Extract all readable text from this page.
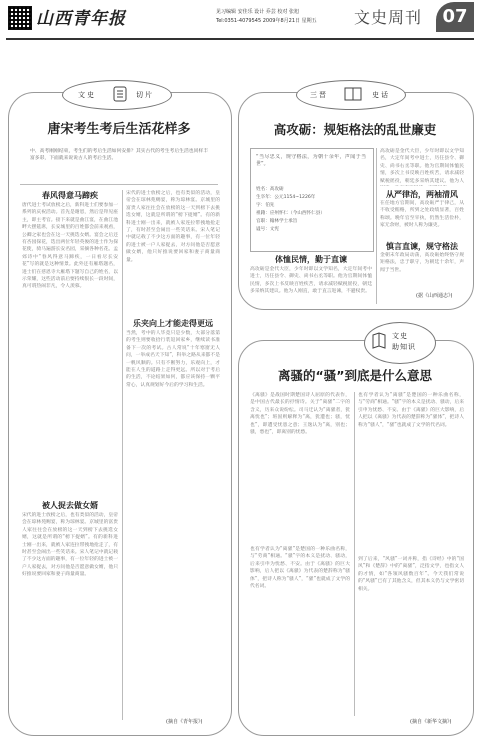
山西青年报	见习编辑 安佳乐 设计 乔芸 校对 张旭
Tel:0351-4079545 2009年8月21日 星期五 文史周刊	07
文史	切片
唐宋考生考后生活花样多
中、高考刚刚结束，考生们的考后生活如何安排？其实古代的考生考后生活也同样丰富多彩，下面就来说说古人的考后生活。
春风得意马蹄疾
唐代进士考试放榜之后，新科进士们要参加一系列的庆祝活动。首先是谢恩，然后是拜见座主，即主考官。接下来就是曲江宴，在曲江池畔大摆筵席，长安城里的百姓都会前来观看，公卿之家也会在这一天挑选女婿。宴会之后还有杏园探花，选出两位年轻英俊的进士作为探花使，骑马遍游长安名园，采摘各种名花。孟郊诗中“春风得意马蹄疾，一日看尽长安花”写的就是这种情景。此外还有雁塔题名，进士们在慈恩寺大雁塔下题写自己的姓名，以示荣耀，这些活动前后要持续很长一段时间，真可谓热闹非凡，令人羡慕。
被人捉去做女婿
宋代的进士放榜之后，也有类似的活动，皇帝会在琼林苑赐宴，称为琼林宴。京城里的富贵人家往往会在放榜的这一天到榜下去挑选女婿，这就是所谓的“榜下捉婿”。有的新科进士刚一出来，就被人家连拉带拽地抢走了，有时甚至会闹出一些笑话来。宋人笔记中就记载了不少这方面的趣事，有一位年轻的进士被一户人家捉去，对方问他是否愿意做女婿，他只好推说要回家和妻子商量商量。
宋代的进士放榜之后，也有类似的活动，皇帝会在琼林苑赐宴，称为琼林宴。京城里的富贵人家往往会在放榜的这一天到榜下去挑选女婿，这就是所谓的“榜下捉婿”。有的新科进士刚一出来，就被人家连拉带拽地抢走了，有时甚至会闹出一些笑话来。宋人笔记中就记载了不少这方面的趣事，有一位年轻的进士被一户人家捉去，对方问他是否愿意做女婿，他只好推说要回家和妻子商量商量。
乐夹向上才能走得更远
当然，考中的人毕竟只是少数，大部分落第的考生则要收拾行装返回家乡，继续读书准备下一次的考试。古人常说“十年寒窗无人问，一举成名天下知”，科举之路从来都不是一帆风顺的。只有不断努力，乐观向上，才能在人生的道路上走得更远。所以对于考后的生活，不论结果如何，都应该保持一颗平常心，认真规划好今后的学习和生活。
(摘自《青年报》)
三晋	史话
高攻砺：规矩格法的乱世廉吏
“当尽忠义，规守格法，为朝十余年，声闻于当世”。
姓名：高攻砺
生卒年：公元1154~1226年
字：伯先
祖籍：应州怀仁（今山西怀仁县）
官职：翰林学士承旨
谥号：文宪
体恤民情，勤于直谏
高攻砺是金代大臣，少年时即以文学知名，大定年间考中进士，历任县令、御史、尚书右丞等职。他为官期间体恤民情，多次上书反映百姓疾苦，请求减轻赋税徭役，朝廷多采纳其建议。他为人刚直，敢于直言进谏，不避权贵。
高攻砺是金代大臣，少年时即以文学知名，大定年间考中进士，历任县令、御史、尚书右丞等职。他为官期间体恤民情，多次上书反映百姓疾苦，请求减轻赋税徭役，朝廷多采纳其建议。他为人
从严律治，两袖清风
在任地方官期间，高攻砺严于律己，从不收受贿赂，所到之处政绩显著，百姓称颂。晚年官至宰执，仍然生活俭朴，家无余财，被时人称为廉吏。
慎言直谏，规守格法
金朝末年政局动荡，高攻砺始终恪守规矩格法，忠于职守，为朝廷十余年，声闻于当世。
(据《山西通志》)
文史
助知识
离骚的“骚”到底是什么意思
《离骚》是战国时期楚国诗人屈原的代表作，是中国古代最长的抒情诗。关于“离骚”二字的含义，历来众说纷纭。司马迁认为“离骚者，犹离忧也”；班固则解释为“离，犹遭也；骚，忧也”，即遭受忧患之意；王逸认为“离，别也；骚，愁也”，即离别的忧愁。
也有学者认为“离骚”是楚国的一种乐曲名称，与“劳商”相通。“骚”字的本义是扰动、骚动，后来引申为忧愁、不安。由于《离骚》的巨大影响，后人把以《离骚》为代表的楚辞称为“骚体”，把诗人称为“骚人”，“骚”也就成了文学的代名词。
也有学者认为“离骚”是楚国的一种乐曲名称，与“劳商”相通。“骚”字的本义是扰动、骚动，后来引申为忧愁、不安。由于《离骚》的巨大影响，后人把以《离骚》为代表的楚辞称为“骚体”，把诗人称为“骚人”，“骚”也就成了文学的代名词。
到了后来，“风骚”一词并称，指《诗经》中的“国风”和《楚辞》中的“离骚”，泛指文学，也指文人的才情，如“各领风骚数百年”。今天我们常说的“风骚”已有了其他含义，但其本义仍与文学密切相关。
(摘自《新华文摘》)
